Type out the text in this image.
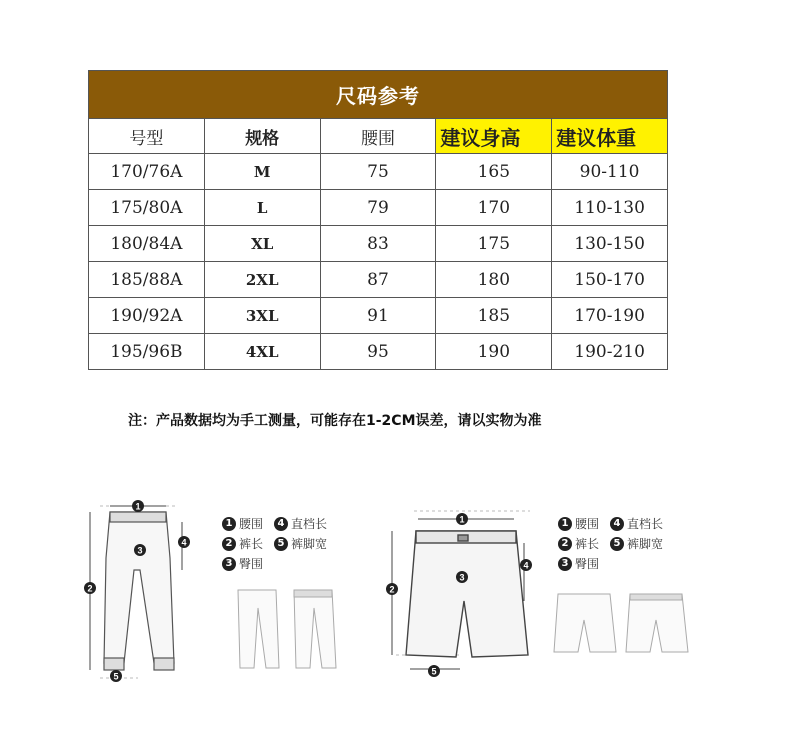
尺码参考				
号型	规格	腰围	建议身高	建议体重
170/76A	M	75	165	90-110
175/80A	L	79	170	110-130
180/84A	XL	83	175	130-150
185/88A	2XL	87	180	150-170
190/92A	3XL	91	185	170-190
195/96B	4XL	95	190	190-210
注：产品数据均为手工测量，可能存在1-2CM误差，请以实物为准
1
2
3
4
5
1 腰围	4 直档长
2 裤长	5 裤脚宽
3 臀围
1
2
3
4
5
1 腰围	4 直档长
2 裤长	5 裤脚宽
3 臀围
